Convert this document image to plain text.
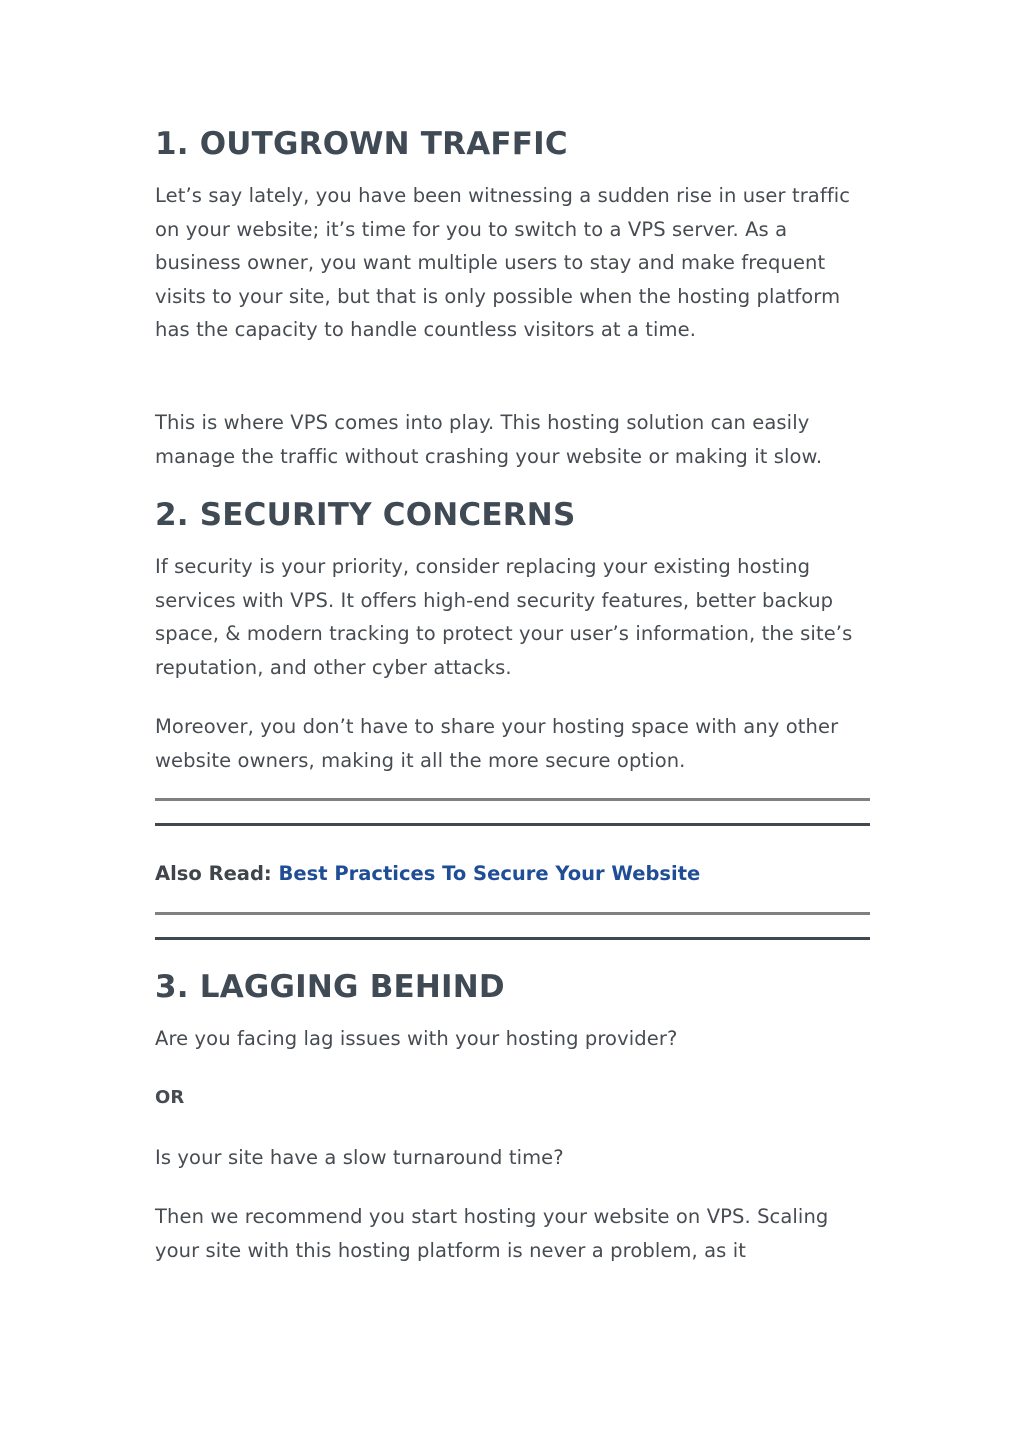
1. OUTGROWN TRAFFIC

Let’s say lately, you have been witnessing a sudden rise in user traffic on your website; it’s time for you to switch to a VPS server. As a business owner, you want multiple users to stay and make frequent visits to your site, but that is only possible when the hosting platform has the capacity to handle countless visitors at a time.

This is where VPS comes into play. This hosting solution can easily manage the traffic without crashing your website or making it slow.

2. SECURITY CONCERNS

If security is your priority, consider replacing your existing hosting services with VPS. It offers high-end security features, better backup space, & modern tracking to protect your user’s information, the site’s reputation, and other cyber attacks.

Moreover, you don’t have to share your hosting space with any other website owners, making it all the more secure option.

Also Read: Best Practices To Secure Your Website
3. LAGGING BEHIND

Are you facing lag issues with your hosting provider?

OR

Is your site have a slow turnaround time?

Then we recommend you start hosting your website on VPS. Scaling your site with this hosting platform is never a problem, as it
